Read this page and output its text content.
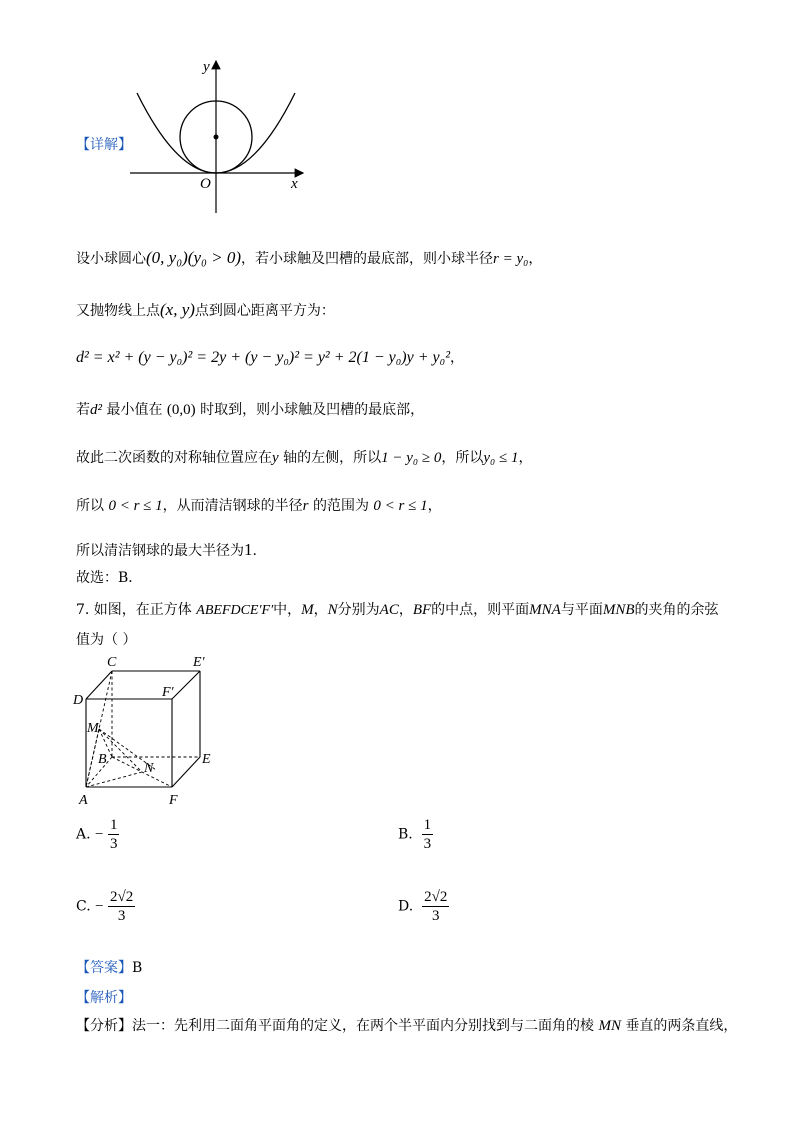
【详解】
y
x
O
设小球圆心(0, y₀)(y₀ > 0)，若小球触及凹槽的最底部，则小球半径r = y₀，
又抛物线上点(x, y)点到圆心距离平方为：
d² = x² + (y − y₀)² = 2y + (y − y₀)² = y² + 2(1 − y₀)y + y₀²，
若d² 最小值在 (0,0) 时取到，则小球触及凹槽的最底部，
故此二次函数的对称轴位置应在y 轴的左侧，所以1 − y₀ ≥ 0，所以y₀ ≤ 1，
所以 0 < r ≤ 1，从而清洁钢球的半径r 的范围为 0 < r ≤ 1，
所以清洁钢球的最大半径为1.
故选：B．
7. 如图，在正方体 ABEFDCE′F′中，M，N分别为AC，BF的中点，则平面MNA与平面MNB的夹角的余弦
值为（ ）
C	E′
D
F′
M
B
N
E
A	F
A. − $\frac{1}{3}$	B. $\frac{1}{3}$
C. − $\frac{2√2}{3}$	D. $\frac{2√2}{3}$
【答案】B
【解析】
【分析】法一：先利用二面角平面角的定义，在两个半平面内分别找到与二面角的棱 MN 垂直的两条直线，
